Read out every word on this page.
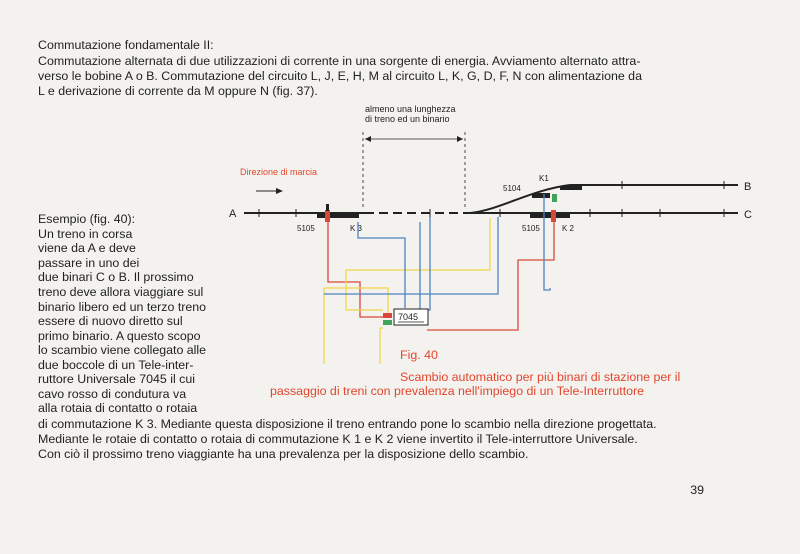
Commutazione fondamentale II:
Commutazione alternata di due utilizzazioni di corrente in una sorgente di energia. Avviamento alternato attra-
verso le bobine A o B. Commutazione del circuito L, J, E, H, M al circuito L, K, G, D, F, N con alimentazione da
L e derivazione di corrente da M oppure N (fig. 37).
Esempio (fig. 40):
Un treno in corsa
viene da A e deve
passare in uno dei
due binari C o B. Il prossimo
treno deve allora viaggiare sul
binario libero ed un terzo treno
essere di nuovo diretto sul
primo binario. A questo scopo
lo scambio viene collegato alle
due boccole di un Tele-inter-
ruttore Universale 7045 il cui
cavo rosso di condutura va
alla rotaia di contatto o rotaia
di commutazione K 3. Mediante questa disposizione il treno entrando pone lo scambio nella direzione progettata.
Mediante le rotaie di contatto o rotaia di commutazione K 1 e K 2 viene invertito il Tele-interruttore Universale.
Con ciò il prossimo treno viaggiante ha una prevalenza per la disposizione dello scambio.
39
Fig. 40
Scambio automatico per più binari di stazione per il
passaggio di treni con prevalenza nell'impiego di un Tele-Interruttore
almeno una lunghezza
di treno ed un binario
Direzione di marcia
A
B
C
5104
K1
5105	K 3	5105	K 2
7045
